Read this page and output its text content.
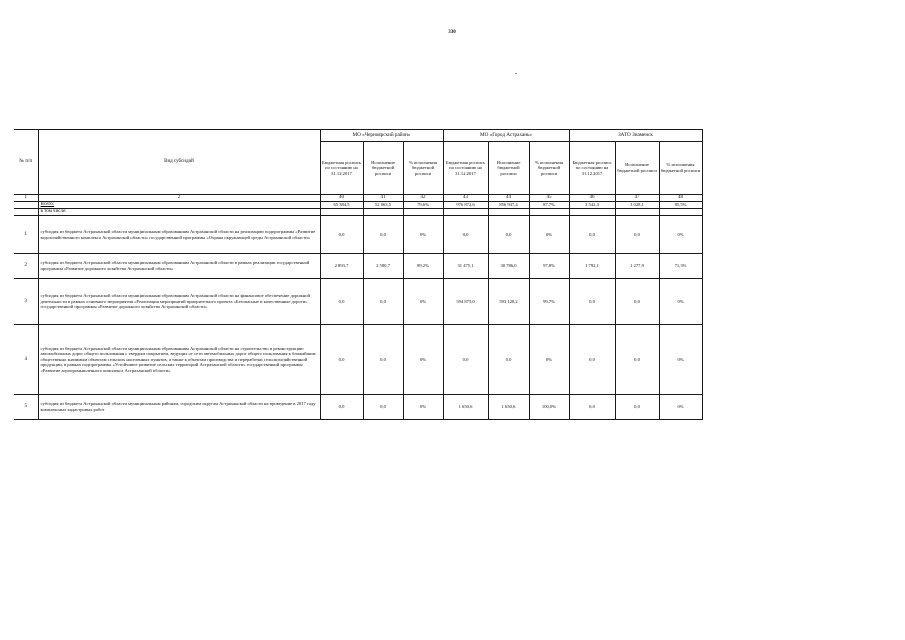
330

№ п/п	Вид субсидий	МО «Черноярский район»			МО «Город Астрахань»			ЗАТО Знаменск		
		Бюджетная роспись по состоянию на 31.12.2017	Исполнение бюджетной росписи	% исполнения бюджетной росписи	Бюджетная роспись по состоянию на 31.12.2017	Исполнение бюджетной росписи	% исполнения бюджетной росписи	Бюджетная роспись по состоянию на 31.12.2017	Исполнение бюджетной росписи	% исполнения бюджетной росписи
1	2	40	41	42	43	44	45	46	47	48
	Всего:	65 384,5	52 063,5	79,6%	976 872,6	856 947,4	87,7%	3 542,3	3 028,1	85,5%
	в том числе:									
1	субсидия из бюджета Астраханской области муниципальным образованиям Астраханской области на реализацию подпрограммы «Развитие водохозяйственного комплекса Астраханской области» государственной программы «Охрана окружающей среды Астраханской области»	0,0	0,0	0%	0,0	0,0	0%	0,0	0,0	0%
2	субсидия из бюджета Астраханской области муниципальным образованиям Астраханской области в рамках реализации государственной программы «Развитие дорожного хозяйства Астраханской области»	2 893,7	2 580,7	89,2%	31 475,1	30 786,0	97,8%	1 792,1	1 277,9	71,3%
3	субсидия из бюджета Астраханской области муниципальным образованиям Астраханской области на финансовое обеспечение дорожной деятельности в рамках основного мероприятия «Реализация мероприятий приоритетного проекта «Безопасные и качественные дороги» государственной программы «Развитие дорожного хозяйства Астраханской области»	0,0	0,0	0%	594 875,0	593 128,2	99,7%	0,0	0,0	0%
4	субсидия из бюджета Астраханской области муниципальным образованиям Астраханской области на строительство и реконструкцию автомобильных дорог общего пользования с твердым покрытием, ведущих от сети автомобильных дорог общего пользования к ближайшим общественно значимым объектам сельских населенных пунктов, а также к объектам производства и переработки сельскохозяйственной продукции, в рамках подпрограммы «Устойчивое развитие сельских территорий Астраханской области» государственной программы «Развитие агропромышленного комплекса Астраханской области»	0,0	0,0	0%	0,0	0,0	0%	0,0	0,0	0%
5	субсидия из бюджета Астраханской области муниципальным районам, городским округам Астраханской области на проведение в 2017 году комплексных кадастровых работ	0,0	0,0	0%	1 650,6	1 650,6	100,0%	0,0	0,0	0%
